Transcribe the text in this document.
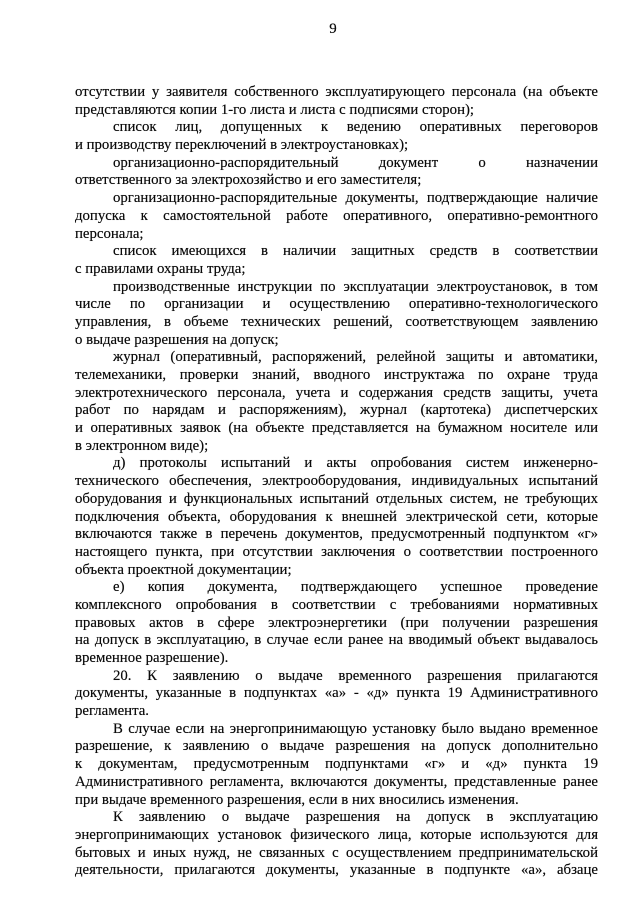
9
отсутствии у заявителя собственного эксплуатирующего персонала (на объекте
представляются копии 1-го листа и листа с подписями сторон);
список лиц, допущенных к ведению оперативных переговоров
и производству переключений в электроустановках);
организационно-распорядительный документ о назначении
ответственного за электрохозяйство и его заместителя;
организационно-распорядительные документы, подтверждающие наличие
допуска к самостоятельной работе оперативного, оперативно-ремонтного
персонала;
список имеющихся в наличии защитных средств в соответствии
с правилами охраны труда;
производственные инструкции по эксплуатации электроустановок, в том
числе по организации и осуществлению оперативно-технологического
управления, в объеме технических решений, соответствующем заявлению
о выдаче разрешения на допуск;
журнал (оперативный, распоряжений, релейной защиты и автоматики,
телемеханики, проверки знаний, вводного инструктажа по охране труда
электротехнического персонала, учета и содержания средств защиты, учета
работ по нарядам и распоряжениям), журнал (картотека) диспетчерских
и оперативных заявок (на объекте представляется на бумажном носителе или
в электронном виде);
д) протоколы испытаний и акты опробования систем инженерно-
технического обеспечения, электрооборудования, индивидуальных испытаний
оборудования и функциональных испытаний отдельных систем, не требующих
подключения объекта, оборудования к внешней электрической сети, которые
включаются также в перечень документов, предусмотренный подпунктом «г»
настоящего пункта, при отсутствии заключения о соответствии построенного
объекта проектной документации;
е) копия документа, подтверждающего успешное проведение
комплексного опробования в соответствии с требованиями нормативных
правовых актов в сфере электроэнергетики (при получении разрешения
на допуск в эксплуатацию, в случае если ранее на вводимый объект выдавалось
временное разрешение).
20. К заявлению о выдаче временного разрешения прилагаются
документы, указанные в подпунктах «а» - «д» пункта 19 Административного
регламента.
В случае если на энергопринимающую установку было выдано временное
разрешение, к заявлению о выдаче разрешения на допуск дополнительно
к документам, предусмотренным подпунктами «г» и «д» пункта 19
Административного регламента, включаются документы, представленные ранее
при выдаче временного разрешения, если в них вносились изменения.
К заявлению о выдаче разрешения на допуск в эксплуатацию
энергопринимающих установок физического лица, которые используются для
бытовых и иных нужд, не связанных с осуществлением предпринимательской
деятельности, прилагаются документы, указанные в подпункте «а», абзаце
